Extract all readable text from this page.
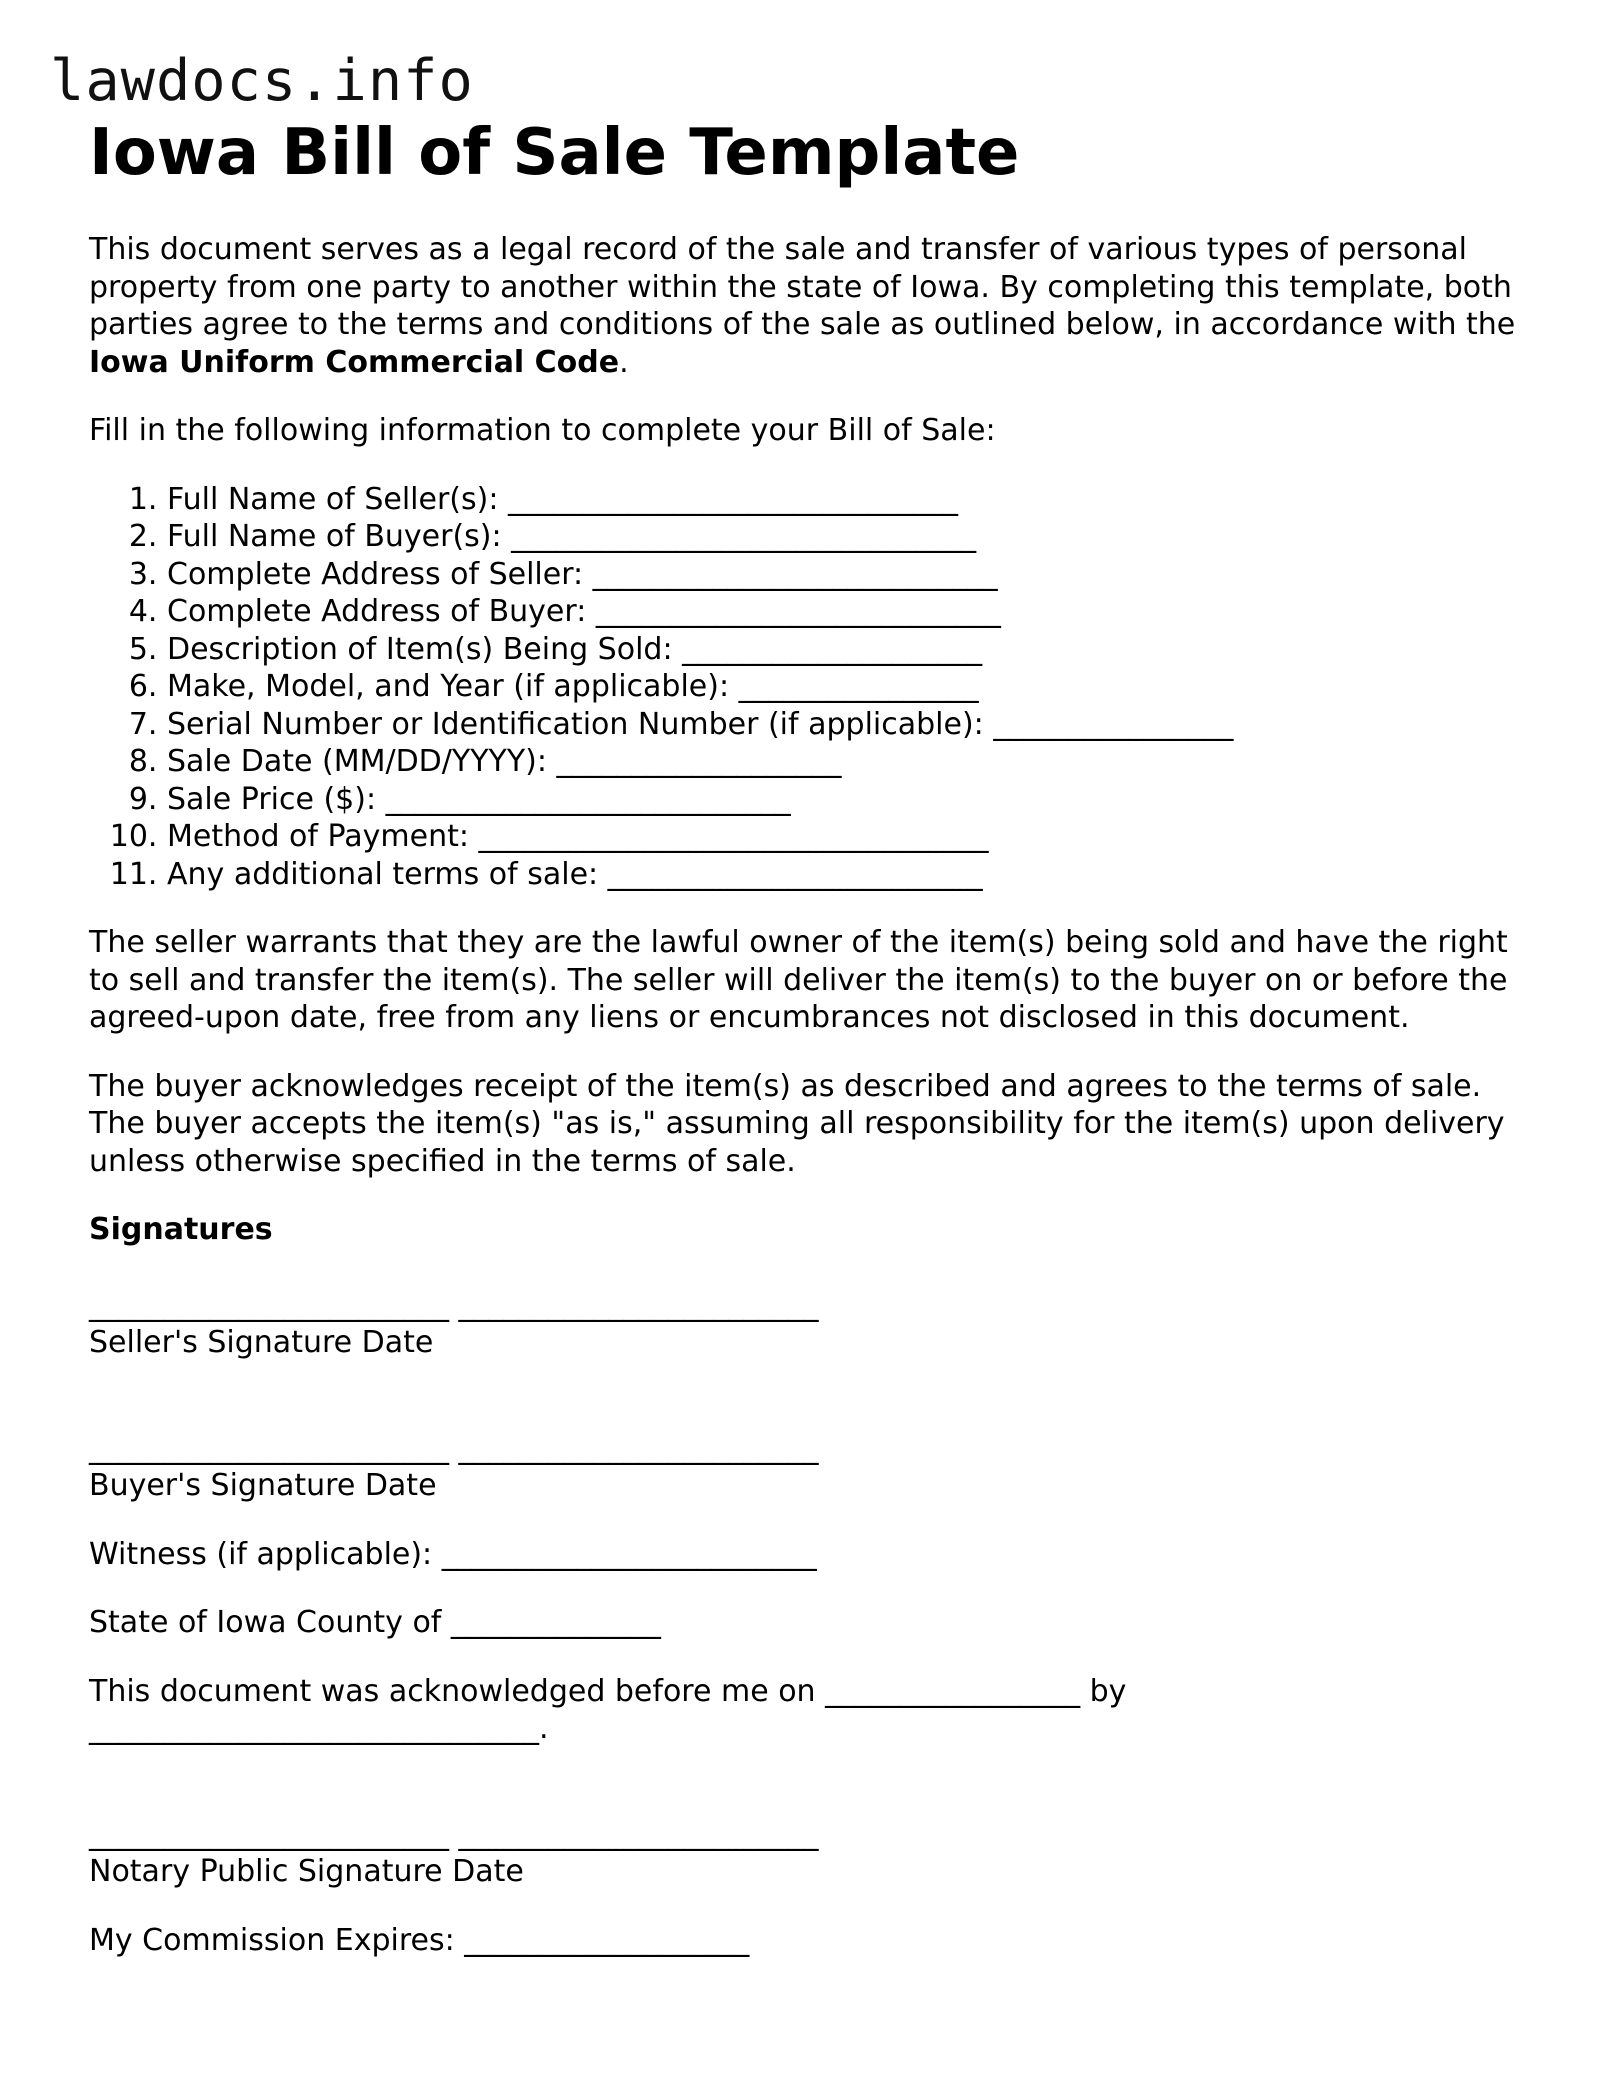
lawdocs.info
Iowa Bill of Sale Template

This document serves as a legal record of the sale and transfer of various types of personal property from one party to another within the state of Iowa. By completing this template, both parties agree to the terms and conditions of the sale as outlined below, in accordance with the Iowa Uniform Commercial Code.

Fill in the following information to complete your Bill of Sale:

1. Full Name of Seller(s): ______________________________
2. Full Name of Buyer(s): _______________________________
3. Complete Address of Seller: ___________________________
4. Complete Address of Buyer: ___________________________
5. Description of Item(s) Being Sold: ____________________
6. Make, Model, and Year (if applicable): ________________
7. Serial Number or Identification Number (if applicable): ________________
8. Sale Date (MM/DD/YYYY): ___________________
9. Sale Price ($): ___________________________
10. Method of Payment: __________________________________
11. Any additional terms of sale: _________________________

The seller warrants that they are the lawful owner of the item(s) being sold and have the right to sell and transfer the item(s). The seller will deliver the item(s) to the buyer on or before the agreed-upon date, free from any liens or encumbrances not disclosed in this document.

The buyer acknowledges receipt of the item(s) as described and agrees to the terms of sale. The buyer accepts the item(s) "as is," assuming all responsibility for the item(s) upon delivery unless otherwise specified in the terms of sale.

Signatures
________________________ ________________________
Seller's Signature Date
________________________ ________________________
Buyer's Signature Date
Witness (if applicable): _________________________
State of Iowa County of ______________
This document was acknowledged before me on _________________ by
______________________________.
________________________ ________________________
Notary Public Signature Date
My Commission Expires: ___________________
